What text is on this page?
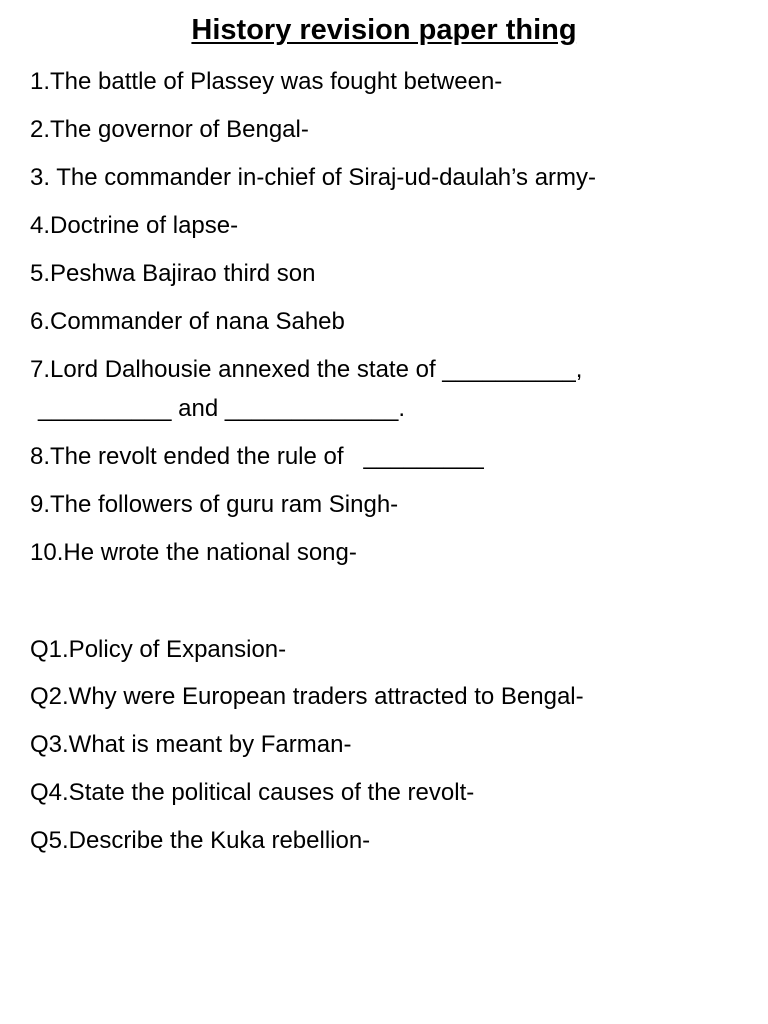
History revision paper thing
1.The battle of Plassey was fought between-
2.The governor of Bengal-
3. The commander in-chief of Siraj-ud-daulah’s army-
4.Doctrine of lapse-
5.Peshwa Bajirao third son
6.Commander of nana Saheb
7.Lord Dalhousie annexed the state of __________,
__________ and _____________.
8.The revolt ended the rule of   _________
9.The followers of guru ram Singh-
10.He wrote the national song-
Q1.Policy of Expansion-
Q2.Why were European traders attracted to Bengal-
Q3.What is meant by Farman-
Q4.State the political causes of the revolt-
Q5.Describe the Kuka rebellion-
